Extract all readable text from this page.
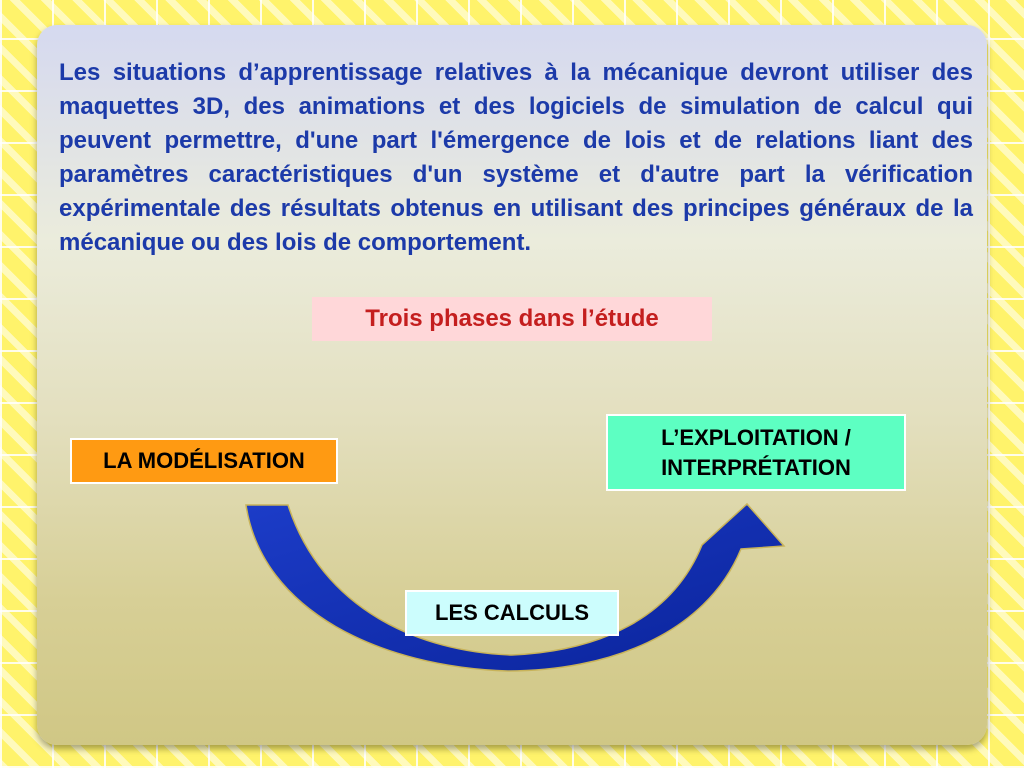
Les situations d’apprentissage relatives à la mécanique devront utiliser des maquettes 3D, des animations et des logiciels de simulation de calcul qui peuvent permettre, d'une part l'émergence de lois et de relations liant des paramètres caractéristiques d'un système et d'autre part la vérification expérimentale des résultats obtenus en utilisant des principes généraux de la mécanique ou des lois de comportement.

Trois phases dans l’étude
LA MODÉLISATION
L’EXPLOITATION /
INTERPRÉTATION
LES CALCULS
